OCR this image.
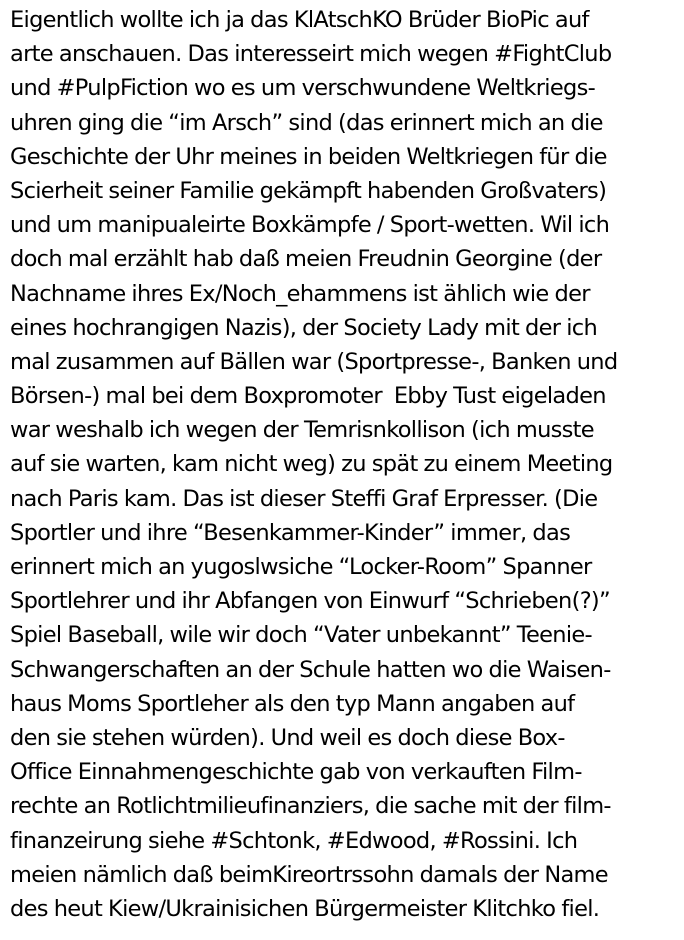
Eigentlich wollte ich ja das KlAtschKO Brüder BioPic auf
arte anschauen. Das interesseirt mich wegen #FightClub
und #PulpFiction wo es um verschwundene Weltkriegs-
uhren ging die “im Arsch” sind (das erinnert mich an die
Geschichte der Uhr meines in beiden Weltkriegen für die
Scierheit seiner Familie gekämpft habenden Großvaters)
und um manipualeirte Boxkämpfe / Sport-wetten. Wil ich
doch mal erzählt hab daß meien Freudnin Georgine (der
Nachname ihres Ex/Noch_ehammens ist ählich wie der
eines hochrangigen Nazis), der Society Lady mit der ich
mal zusammen auf Bällen war (Sportpresse-, Banken und
Börsen-) mal bei dem Boxpromoter  Ebby Tust eigeladen
war weshalb ich wegen der Temrisnkollison (ich musste
auf sie warten, kam nicht weg) zu spät zu einem Meeting
nach Paris kam. Das ist dieser Steffi Graf Erpresser. (Die
Sportler und ihre “Besenkammer-Kinder” immer, das
erinnert mich an yugoslwsiche “Locker-Room” Spanner
Sportlehrer und ihr Abfangen von Einwurf “Schrieben(?)”
Spiel Baseball, wile wir doch “Vater unbekannt” Teenie-
Schwangerschaften an der Schule hatten wo die Waisen-
haus Moms Sportleher als den typ Mann angaben auf
den sie stehen würden). Und weil es doch diese Box-
Office Einnahmengeschichte gab von verkauften Film-
rechte an Rotlichtmilieufinanziers, die sache mit der film-
finanzeirung siehe #Schtonk, #Edwood, #Rossini. Ich
meien nämlich daß beimKireortrssohn damals der Name
des heut Kiew/Ukrainisichen Bürgermeister Klitchko fiel.
